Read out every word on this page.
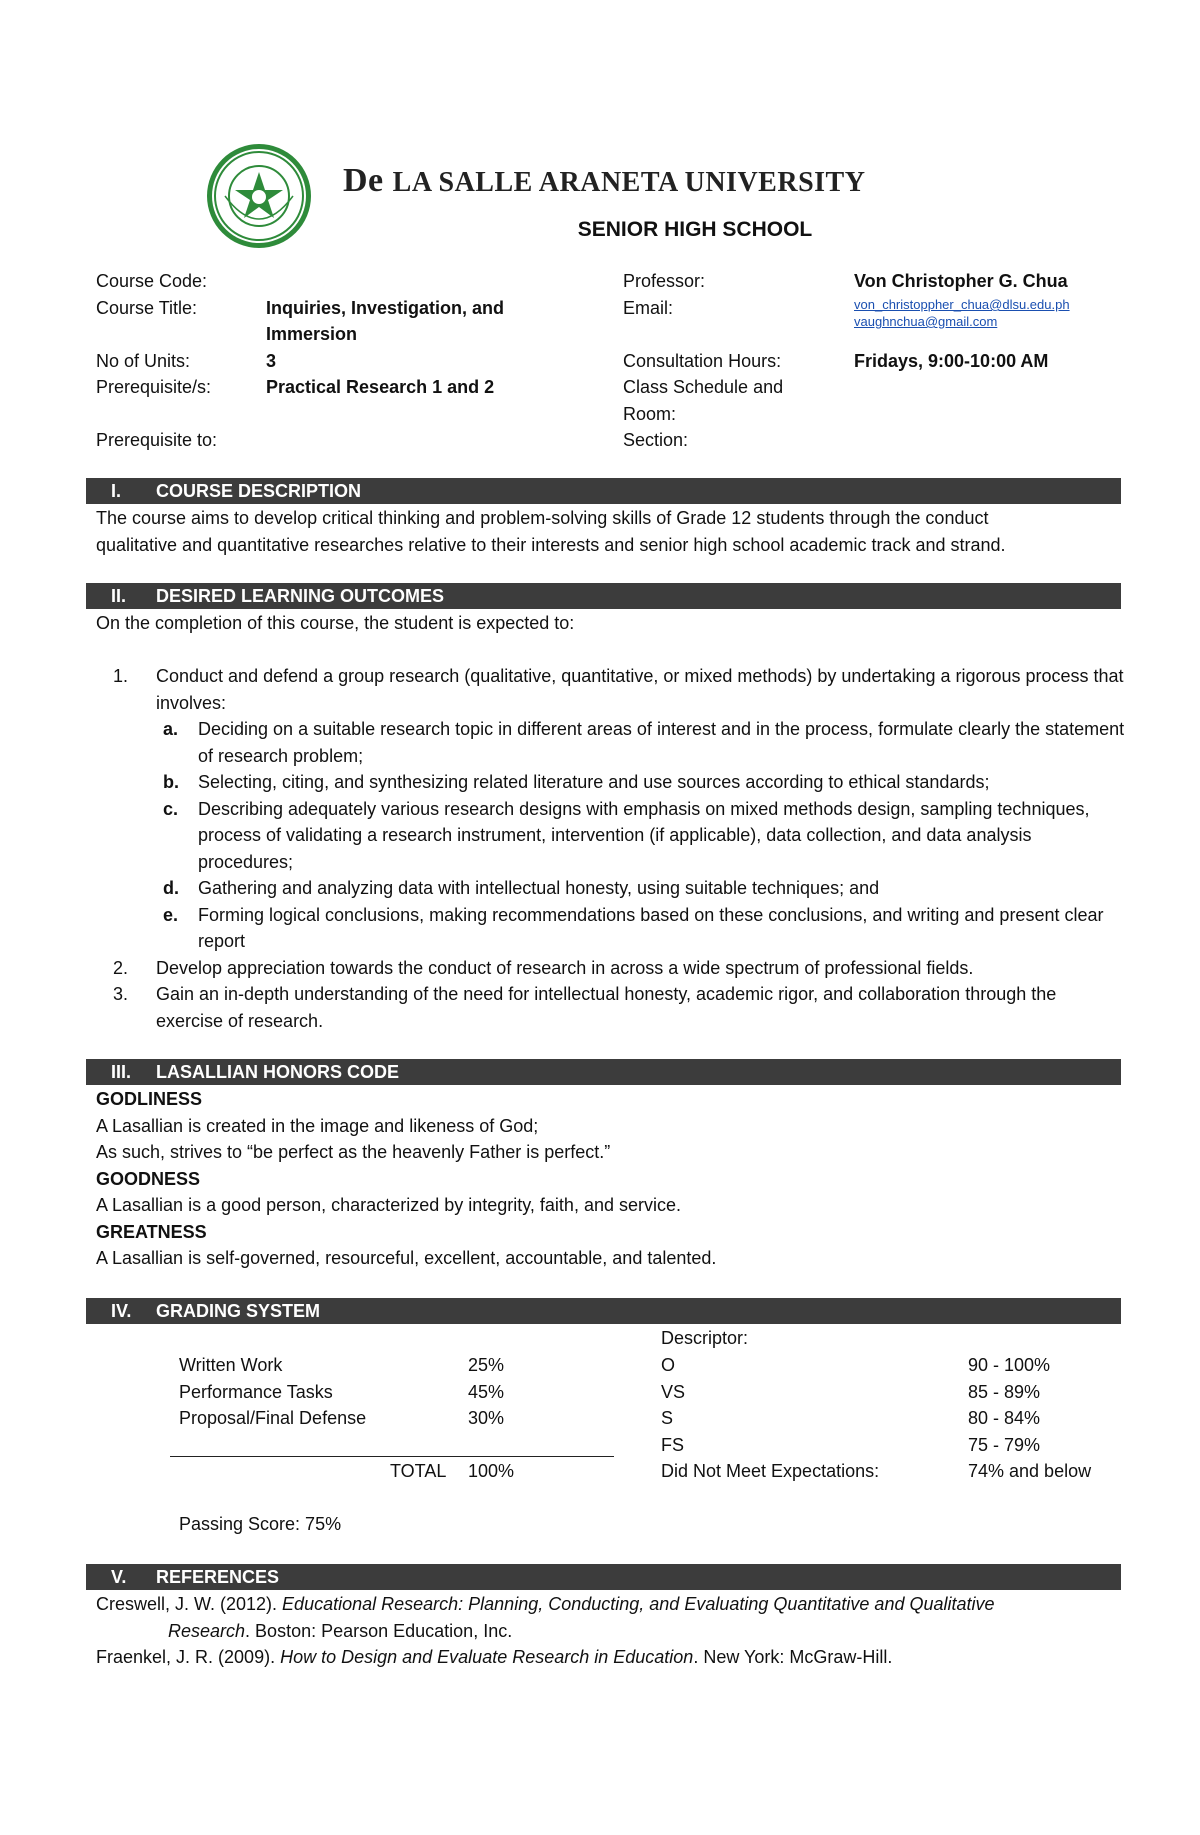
De LA SALLE ARANETA UNIVERSITY
SENIOR HIGH SCHOOL
Course Code:
Course Title:	Inquiries, Investigation, and
Immersion
No of Units:	3
Prerequisite/s:	Practical Research 1 and 2
Prerequisite to:
Professor:	Von Christopher G. Chua
Email:	von_christoppher_chua@dlsu.edu.ph
vaughnchua@gmail.com
Consultation Hours:	Fridays, 9:00-10:00 AM
Class Schedule and
Room:
Section:
I. COURSE DESCRIPTION
The course aims to develop critical thinking and problem-solving skills of Grade 12 students through the conduct
qualitative and quantitative researches relative to their interests and senior high school academic track and strand.
II. DESIRED LEARNING OUTCOMES
On the completion of this course, the student is expected to:
1. Conduct and defend a group research (qualitative, quantitative, or mixed methods) by undertaking a rigorous process that involves:
a. Deciding on a suitable research topic in different areas of interest and in the process, formulate clearly the statement of research problem;
b. Selecting, citing, and synthesizing related literature and use sources according to ethical standards;
c. Describing adequately various research designs with emphasis on mixed methods design, sampling techniques, process of validating a research instrument, intervention (if applicable), data collection, and data analysis procedures;
d. Gathering and analyzing data with intellectual honesty, using suitable techniques; and
e. Forming logical conclusions, making recommendations based on these conclusions, and writing and present clear report
2. Develop appreciation towards the conduct of research in across a wide spectrum of professional fields.
3. Gain an in-depth understanding of the need for intellectual honesty, academic rigor, and collaboration through the exercise of research.
III. LASALLIAN HONORS CODE
GODLINESS
A Lasallian is created in the image and likeness of God;
As such, strives to “be perfect as the heavenly Father is perfect.”
GOODNESS
A Lasallian is a good person, characterized by integrity, faith, and service.
GREATNESS
A Lasallian is self-governed, resourceful, excellent, accountable, and talented.
IV. GRADING SYSTEM
Written Work	25%
Performance Tasks	45%
Proposal/Final Defense	30%
TOTAL 100%
Passing Score: 75%
Descriptor:
O	90 - 100%
VS	85 - 89%
S	80 - 84%
FS	75 - 79%
Did Not Meet Expectations:	74% and below
V. REFERENCES
Creswell, J. W. (2012). Educational Research: Planning, Conducting, and Evaluating Quantitative and Qualitative
Research. Boston: Pearson Education, Inc.
Fraenkel, J. R. (2009). How to Design and Evaluate Research in Education. New York: McGraw-Hill.
